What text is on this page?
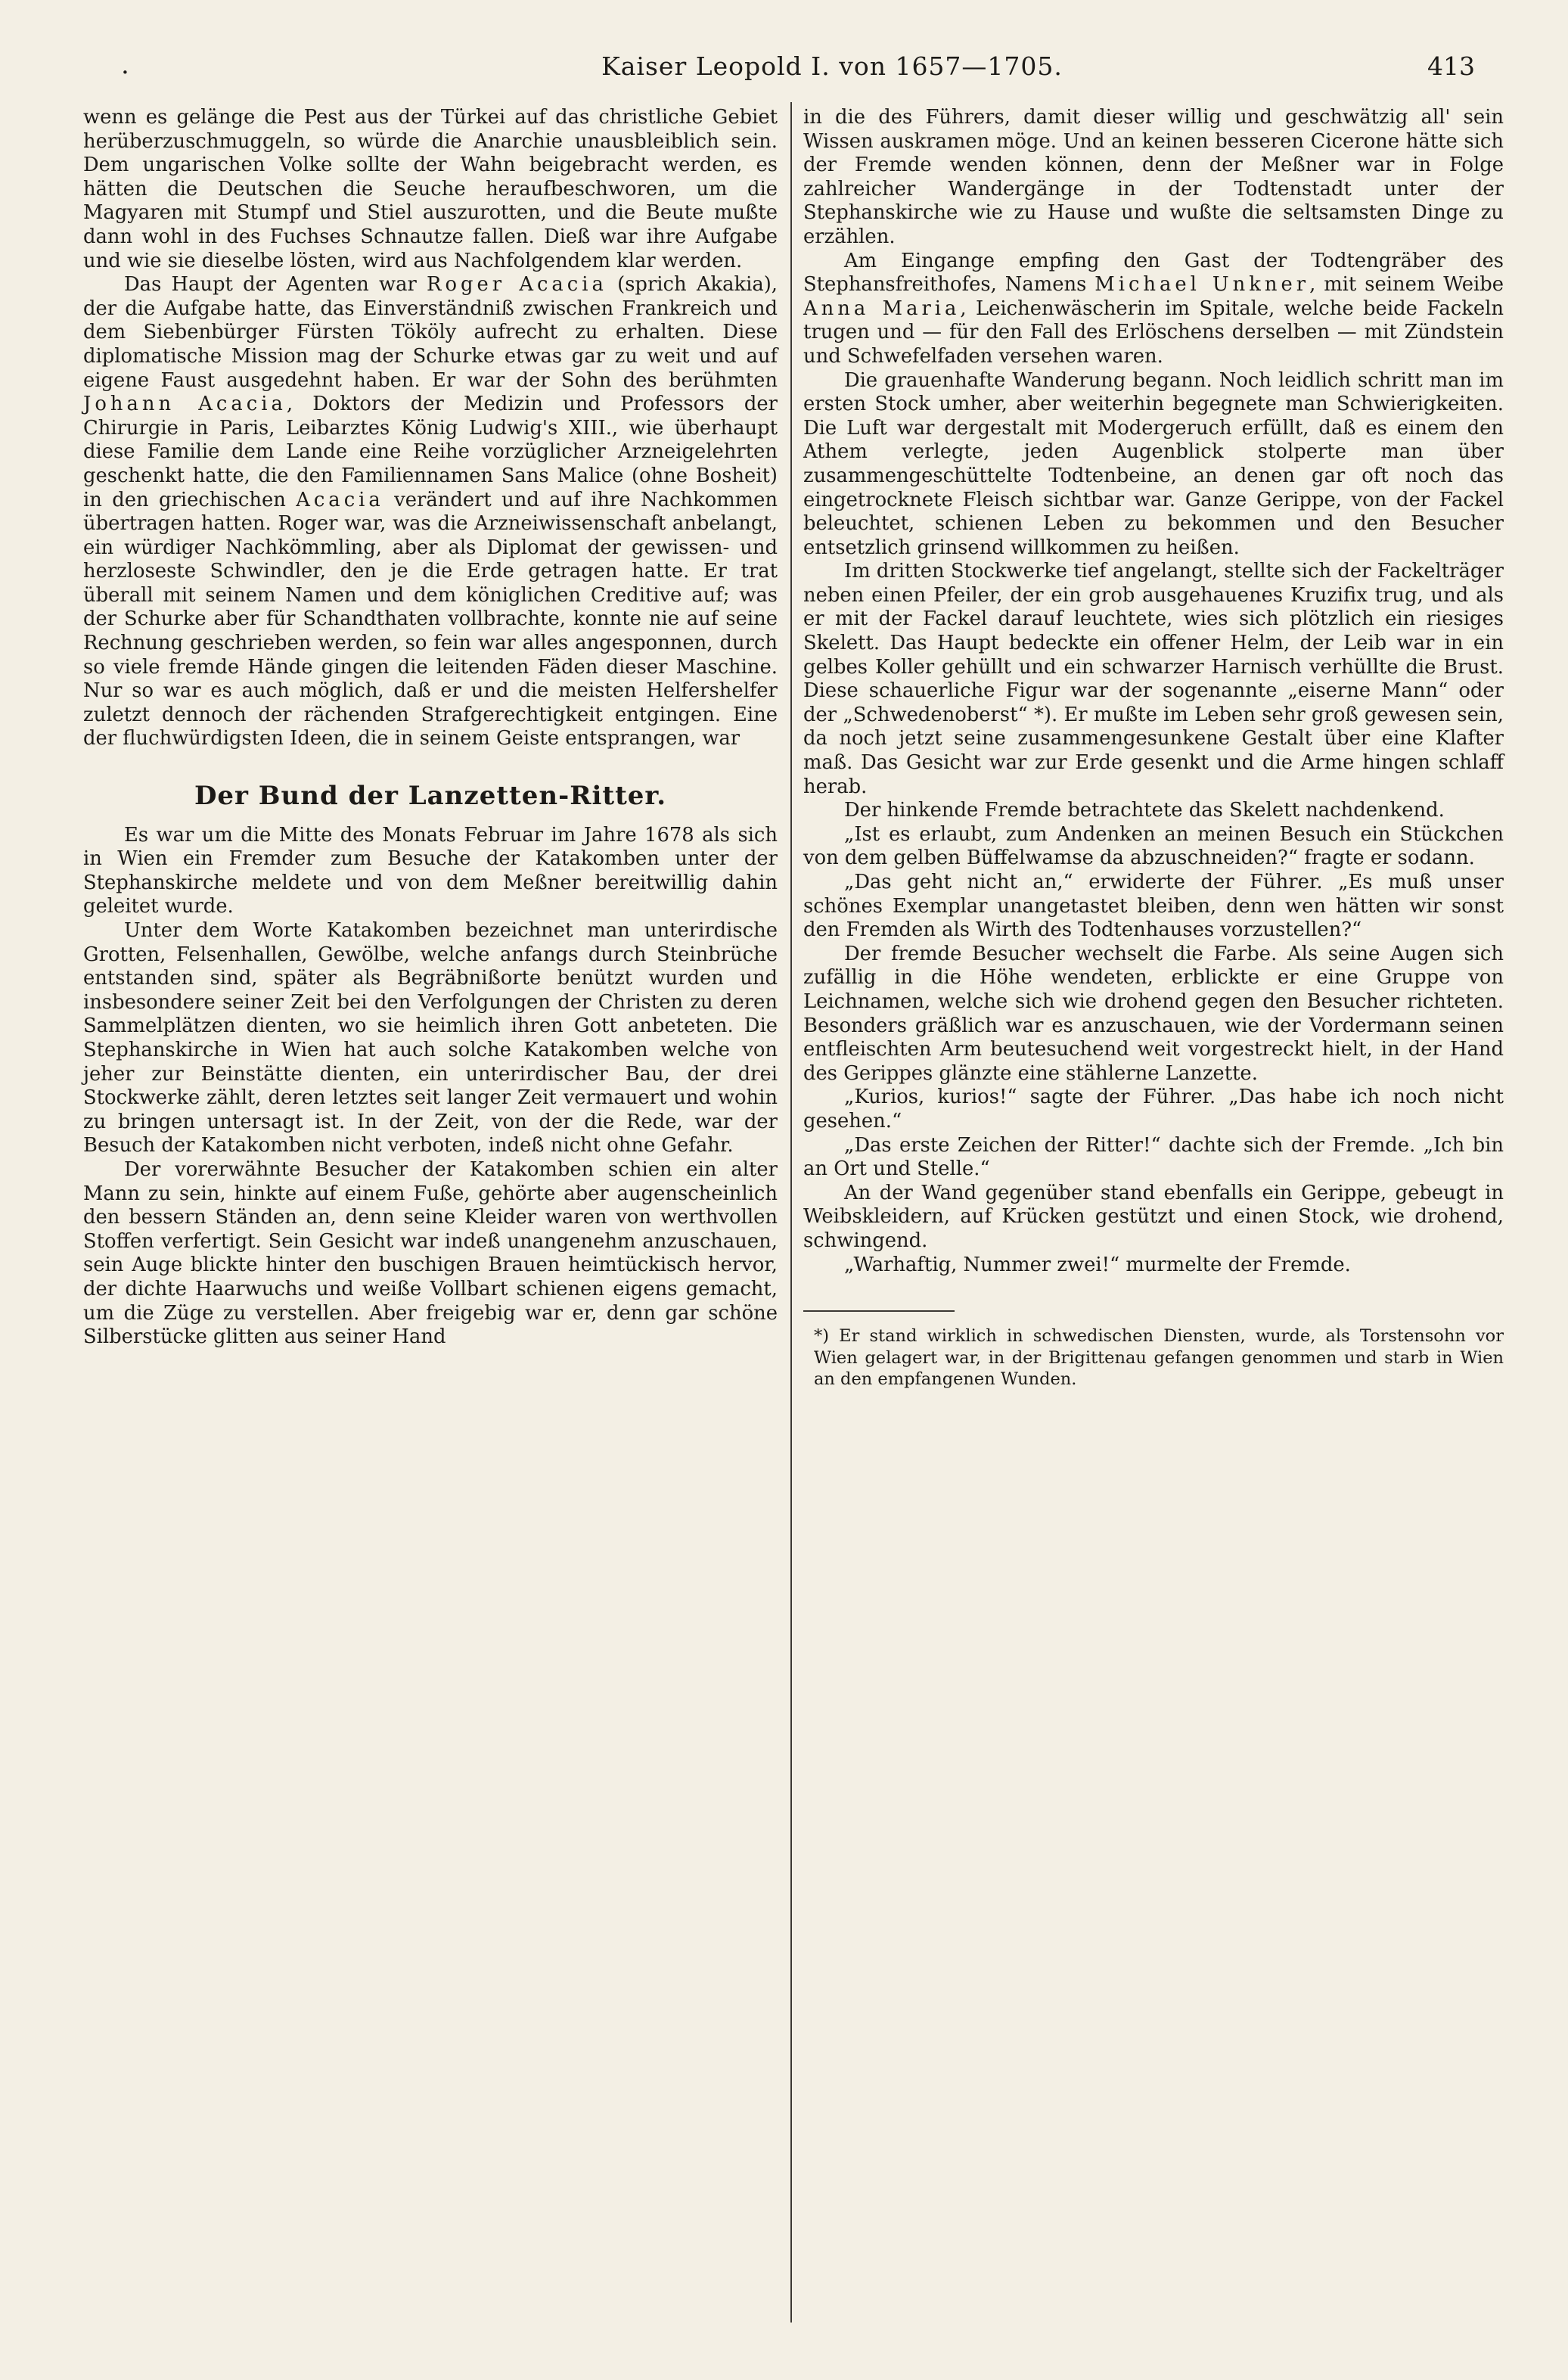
.	Kaiser Leopold I. von 1657—1705.	413

wenn es gelänge die Pest aus der Türkei auf das christliche Gebiet herüberzuschmuggeln, so würde die Anarchie unausbleiblich sein. Dem ungarischen Volke sollte der Wahn beigebracht werden, es hätten die Deutschen die Seuche heraufbeschworen, um die Magyaren mit Stumpf und Stiel auszurotten, und die Beute mußte dann wohl in des Fuchses Schnautze fallen. Dieß war ihre Aufgabe und wie sie dieselbe lösten, wird aus Nachfolgendem klar werden.

Das Haupt der Agenten war Roger Acacia (sprich Akakia), der die Aufgabe hatte, das Einverständniß zwischen Frankreich und dem Siebenbürger Fürsten Tököly aufrecht zu erhalten. Diese diplomatische Mission mag der Schurke etwas gar zu weit und auf eigene Faust ausgedehnt haben. Er war der Sohn des berühmten Johann Acacia, Doktors der Medizin und Professors der Chirurgie in Paris, Leibarztes König Ludwig's XIII., wie überhaupt diese Familie dem Lande eine Reihe vorzüglicher Arzneigelehrten geschenkt hatte, die den Familiennamen Sans Malice (ohne Bosheit) in den griechischen Acacia verändert und auf ihre Nachkommen übertragen hatten. Roger war, was die Arzneiwissenschaft anbelangt, ein würdiger Nachkömmling, aber als Diplomat der gewissen- und herzloseste Schwindler, den je die Erde getragen hatte. Er trat überall mit seinem Namen und dem königlichen Creditive auf; was der Schurke aber für Schandthaten vollbrachte, konnte nie auf seine Rechnung geschrieben werden, so fein war alles angesponnen, durch so viele fremde Hände gingen die leitenden Fäden dieser Maschine. Nur so war es auch möglich, daß er und die meisten Helfershelfer zuletzt dennoch der rächenden Strafgerechtigkeit entgingen. Eine der fluchwürdigsten Ideen, die in seinem Geiste entsprangen, war

Der Bund der Lanzetten-Ritter.

Es war um die Mitte des Monats Februar im Jahre 1678 als sich in Wien ein Fremder zum Besuche der Katakomben unter der Stephanskirche meldete und von dem Meßner bereitwillig dahin geleitet wurde.

Unter dem Worte Katakomben bezeichnet man unterirdische Grotten, Felsenhallen, Gewölbe, welche anfangs durch Steinbrüche entstanden sind, später als Begräbnißorte benützt wurden und insbesondere seiner Zeit bei den Verfolgungen der Christen zu deren Sammelplätzen dienten, wo sie heimlich ihren Gott anbeteten. Die Stephanskirche in Wien hat auch solche Katakomben welche von jeher zur Beinstätte dienten, ein unterirdischer Bau, der drei Stockwerke zählt, deren letztes seit langer Zeit vermauert und wohin zu bringen untersagt ist. In der Zeit, von der die Rede, war der Besuch der Katakomben nicht verboten, indeß nicht ohne Gefahr.

Der vorerwähnte Besucher der Katakomben schien ein alter Mann zu sein, hinkte auf einem Fuße, gehörte aber augenscheinlich den bessern Ständen an, denn seine Kleider waren von werthvollen Stoffen verfertigt. Sein Gesicht war indeß unangenehm anzuschauen, sein Auge blickte hinter den buschigen Brauen heimtückisch hervor, der dichte Haarwuchs und weiße Vollbart schienen eigens gemacht, um die Züge zu verstellen. Aber freigebig war er, denn gar schöne Silberstücke glitten aus seiner Hand

in die des Führers, damit dieser willig und geschwätzig all' sein Wissen auskramen möge. Und an keinen besseren Cicerone hätte sich der Fremde wenden können, denn der Meßner war in Folge zahlreicher Wandergänge in der Todtenstadt unter der Stephanskirche wie zu Hause und wußte die seltsamsten Dinge zu erzählen.

Am Eingange empfing den Gast der Todtengräber des Stephansfreithofes, Namens Michael Unkner, mit seinem Weibe Anna Maria, Leichenwäscherin im Spitale, welche beide Fackeln trugen und — für den Fall des Erlöschens derselben — mit Zündstein und Schwefelfaden versehen waren.

Die grauenhafte Wanderung begann. Noch leidlich schritt man im ersten Stock umher, aber weiterhin begegnete man Schwierigkeiten. Die Luft war dergestalt mit Modergeruch erfüllt, daß es einem den Athem verlegte, jeden Augenblick stolperte man über zusammengeschüttelte Todtenbeine, an denen gar oft noch das eingetrocknete Fleisch sichtbar war. Ganze Gerippe, von der Fackel beleuchtet, schienen Leben zu bekommen und den Besucher entsetzlich grinsend willkommen zu heißen.

Im dritten Stockwerke tief angelangt, stellte sich der Fackelträger neben einen Pfeiler, der ein grob ausgehauenes Kruzifix trug, und als er mit der Fackel darauf leuchtete, wies sich plötzlich ein riesiges Skelett. Das Haupt bedeckte ein offener Helm, der Leib war in ein gelbes Koller gehüllt und ein schwarzer Harnisch verhüllte die Brust. Diese schauerliche Figur war der sogenannte „eiserne Mann“ oder der „Schwedenoberst“ *). Er mußte im Leben sehr groß gewesen sein, da noch jetzt seine zusammengesunkene Gestalt über eine Klafter maß. Das Gesicht war zur Erde gesenkt und die Arme hingen schlaff herab.

Der hinkende Fremde betrachtete das Skelett nachdenkend.

„Ist es erlaubt, zum Andenken an meinen Besuch ein Stückchen von dem gelben Büffelwamse da abzuschneiden?“ fragte er sodann.

„Das geht nicht an,“ erwiderte der Führer. „Es muß unser schönes Exemplar unangetastet bleiben, denn wen hätten wir sonst den Fremden als Wirth des Todtenhauses vorzustellen?“

Der fremde Besucher wechselt die Farbe. Als seine Augen sich zufällig in die Höhe wendeten, erblickte er eine Gruppe von Leichnamen, welche sich wie drohend gegen den Besucher richteten. Besonders gräßlich war es anzuschauen, wie der Vordermann seinen entfleischten Arm beutesuchend weit vorgestreckt hielt, in der Hand des Gerippes glänzte eine stählerne Lanzette.

„Kurios, kurios!“ sagte der Führer. „Das habe ich noch nicht gesehen.“

„Das erste Zeichen der Ritter!“ dachte sich der Fremde. „Ich bin an Ort und Stelle.“

An der Wand gegenüber stand ebenfalls ein Gerippe, gebeugt in Weibskleidern, auf Krücken gestützt und einen Stock, wie drohend, schwingend.

„Warhaftig, Nummer zwei!“ murmelte der Fremde.

*) Er stand wirklich in schwedischen Diensten, wurde, als Torstensohn vor Wien gelagert war, in der Brigittenau gefangen genommen und starb in Wien an den empfangenen Wunden.
